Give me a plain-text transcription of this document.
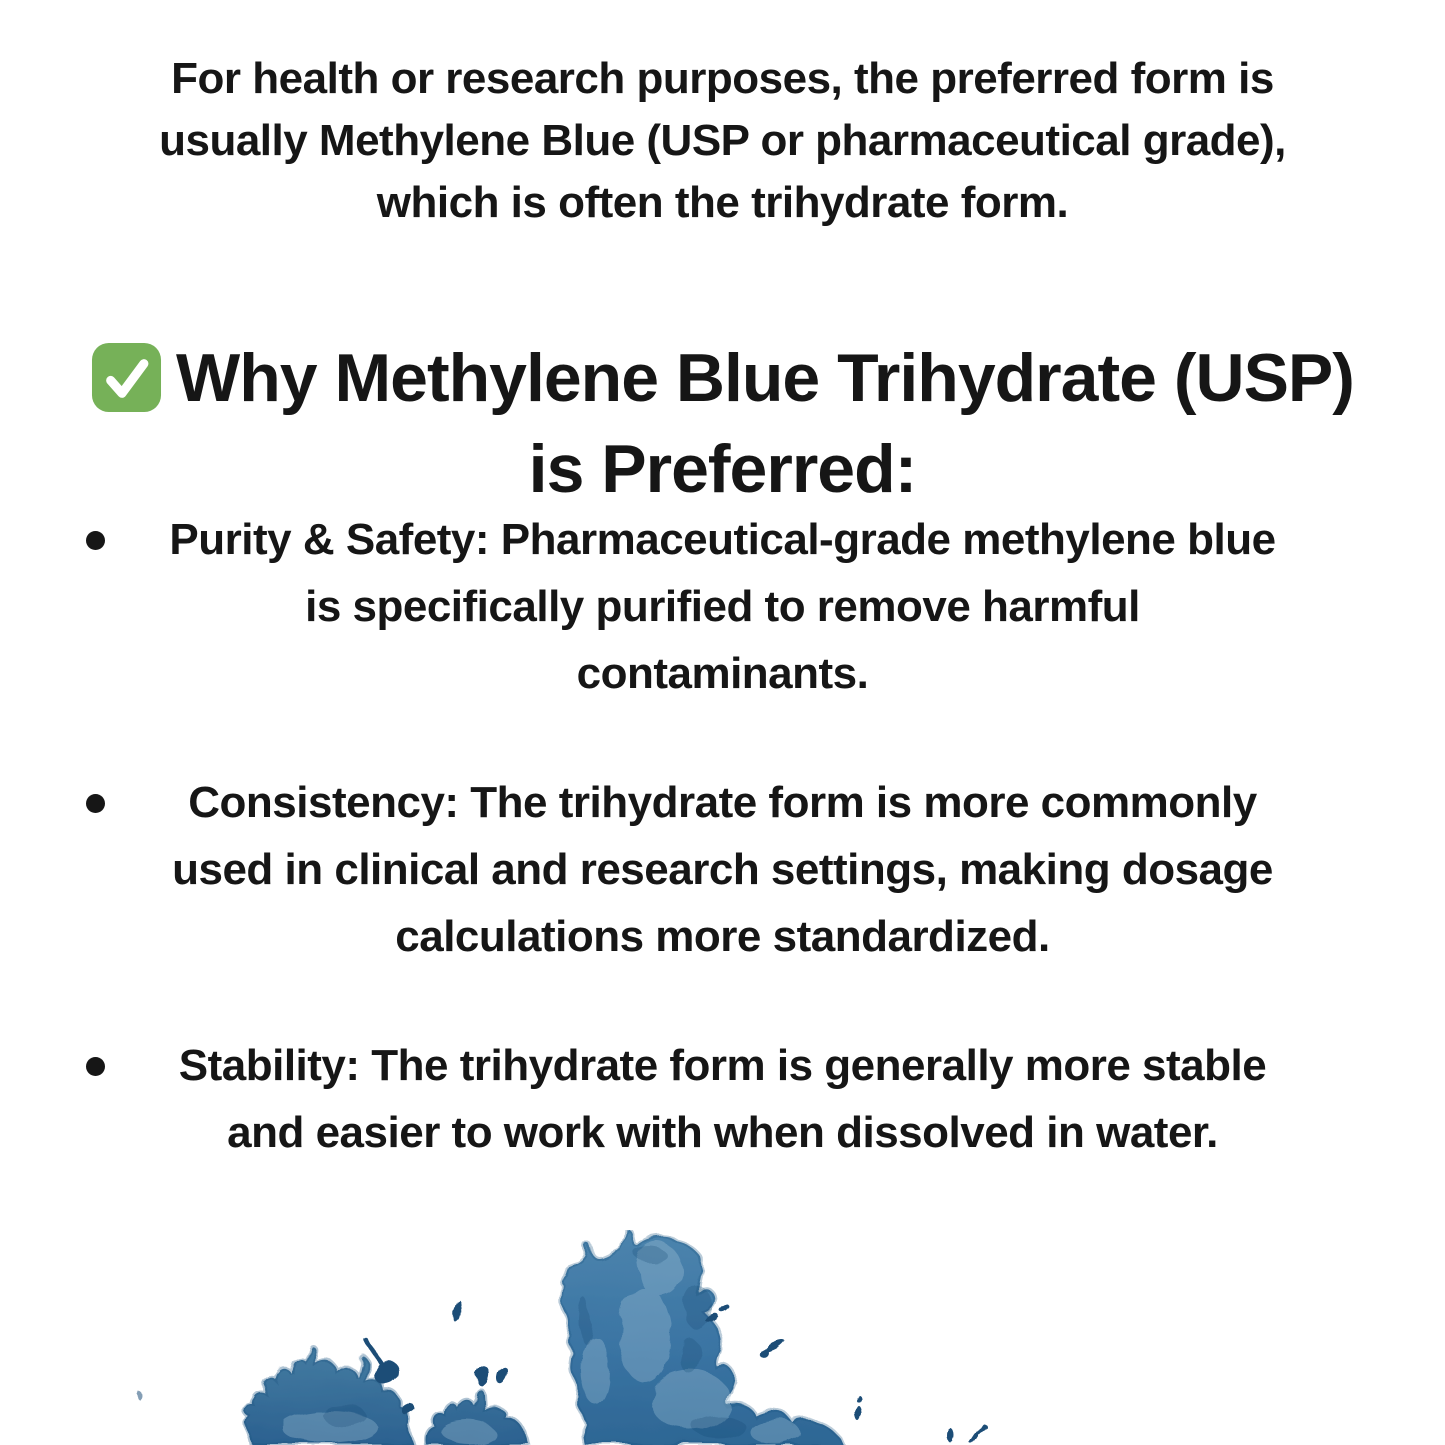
For health or research purposes, the preferred form is
usually Methylene Blue (USP or pharmaceutical grade),
which is often the trihydrate form.
Why Methylene Blue Trihydrate (USP)
is Preferred:
Purity & Safety: Pharmaceutical-grade methylene blue
is specifically purified to remove harmful
contaminants.
Consistency: The trihydrate form is more commonly
used in clinical and research settings, making dosage
calculations more standardized.
Stability: The trihydrate form is generally more stable
and easier to work with when dissolved in water.
